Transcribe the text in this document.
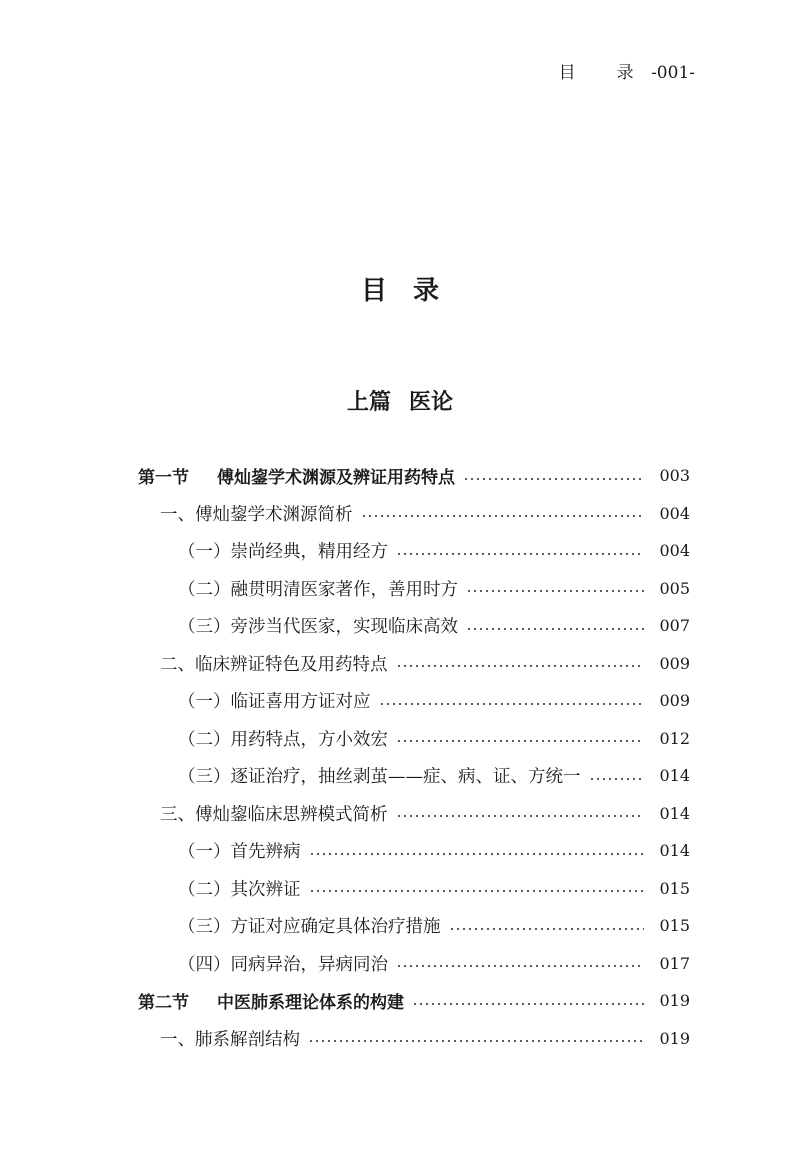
目　录 -001-
目 录
上篇 医论
第一节 傅灿鋆学术渊源及辨证用药特点	003
一、傅灿鋆学术渊源简析	004
（一）崇尚经典，精用经方	004
（二）融贯明清医家著作，善用时方	005
（三）旁涉当代医家，实现临床高效	007
二、临床辨证特色及用药特点	009
（一）临证喜用方证对应	009
（二）用药特点，方小效宏	012
（三）逐证治疗，抽丝剥茧——症、病、证、方统一	014
三、傅灿鋆临床思辨模式简析	014
（一）首先辨病	014
（二）其次辨证	015
（三）方证对应确定具体治疗措施	015
（四）同病异治，异病同治	017
第二节 中医肺系理论体系的构建	019
一、肺系解剖结构	019
